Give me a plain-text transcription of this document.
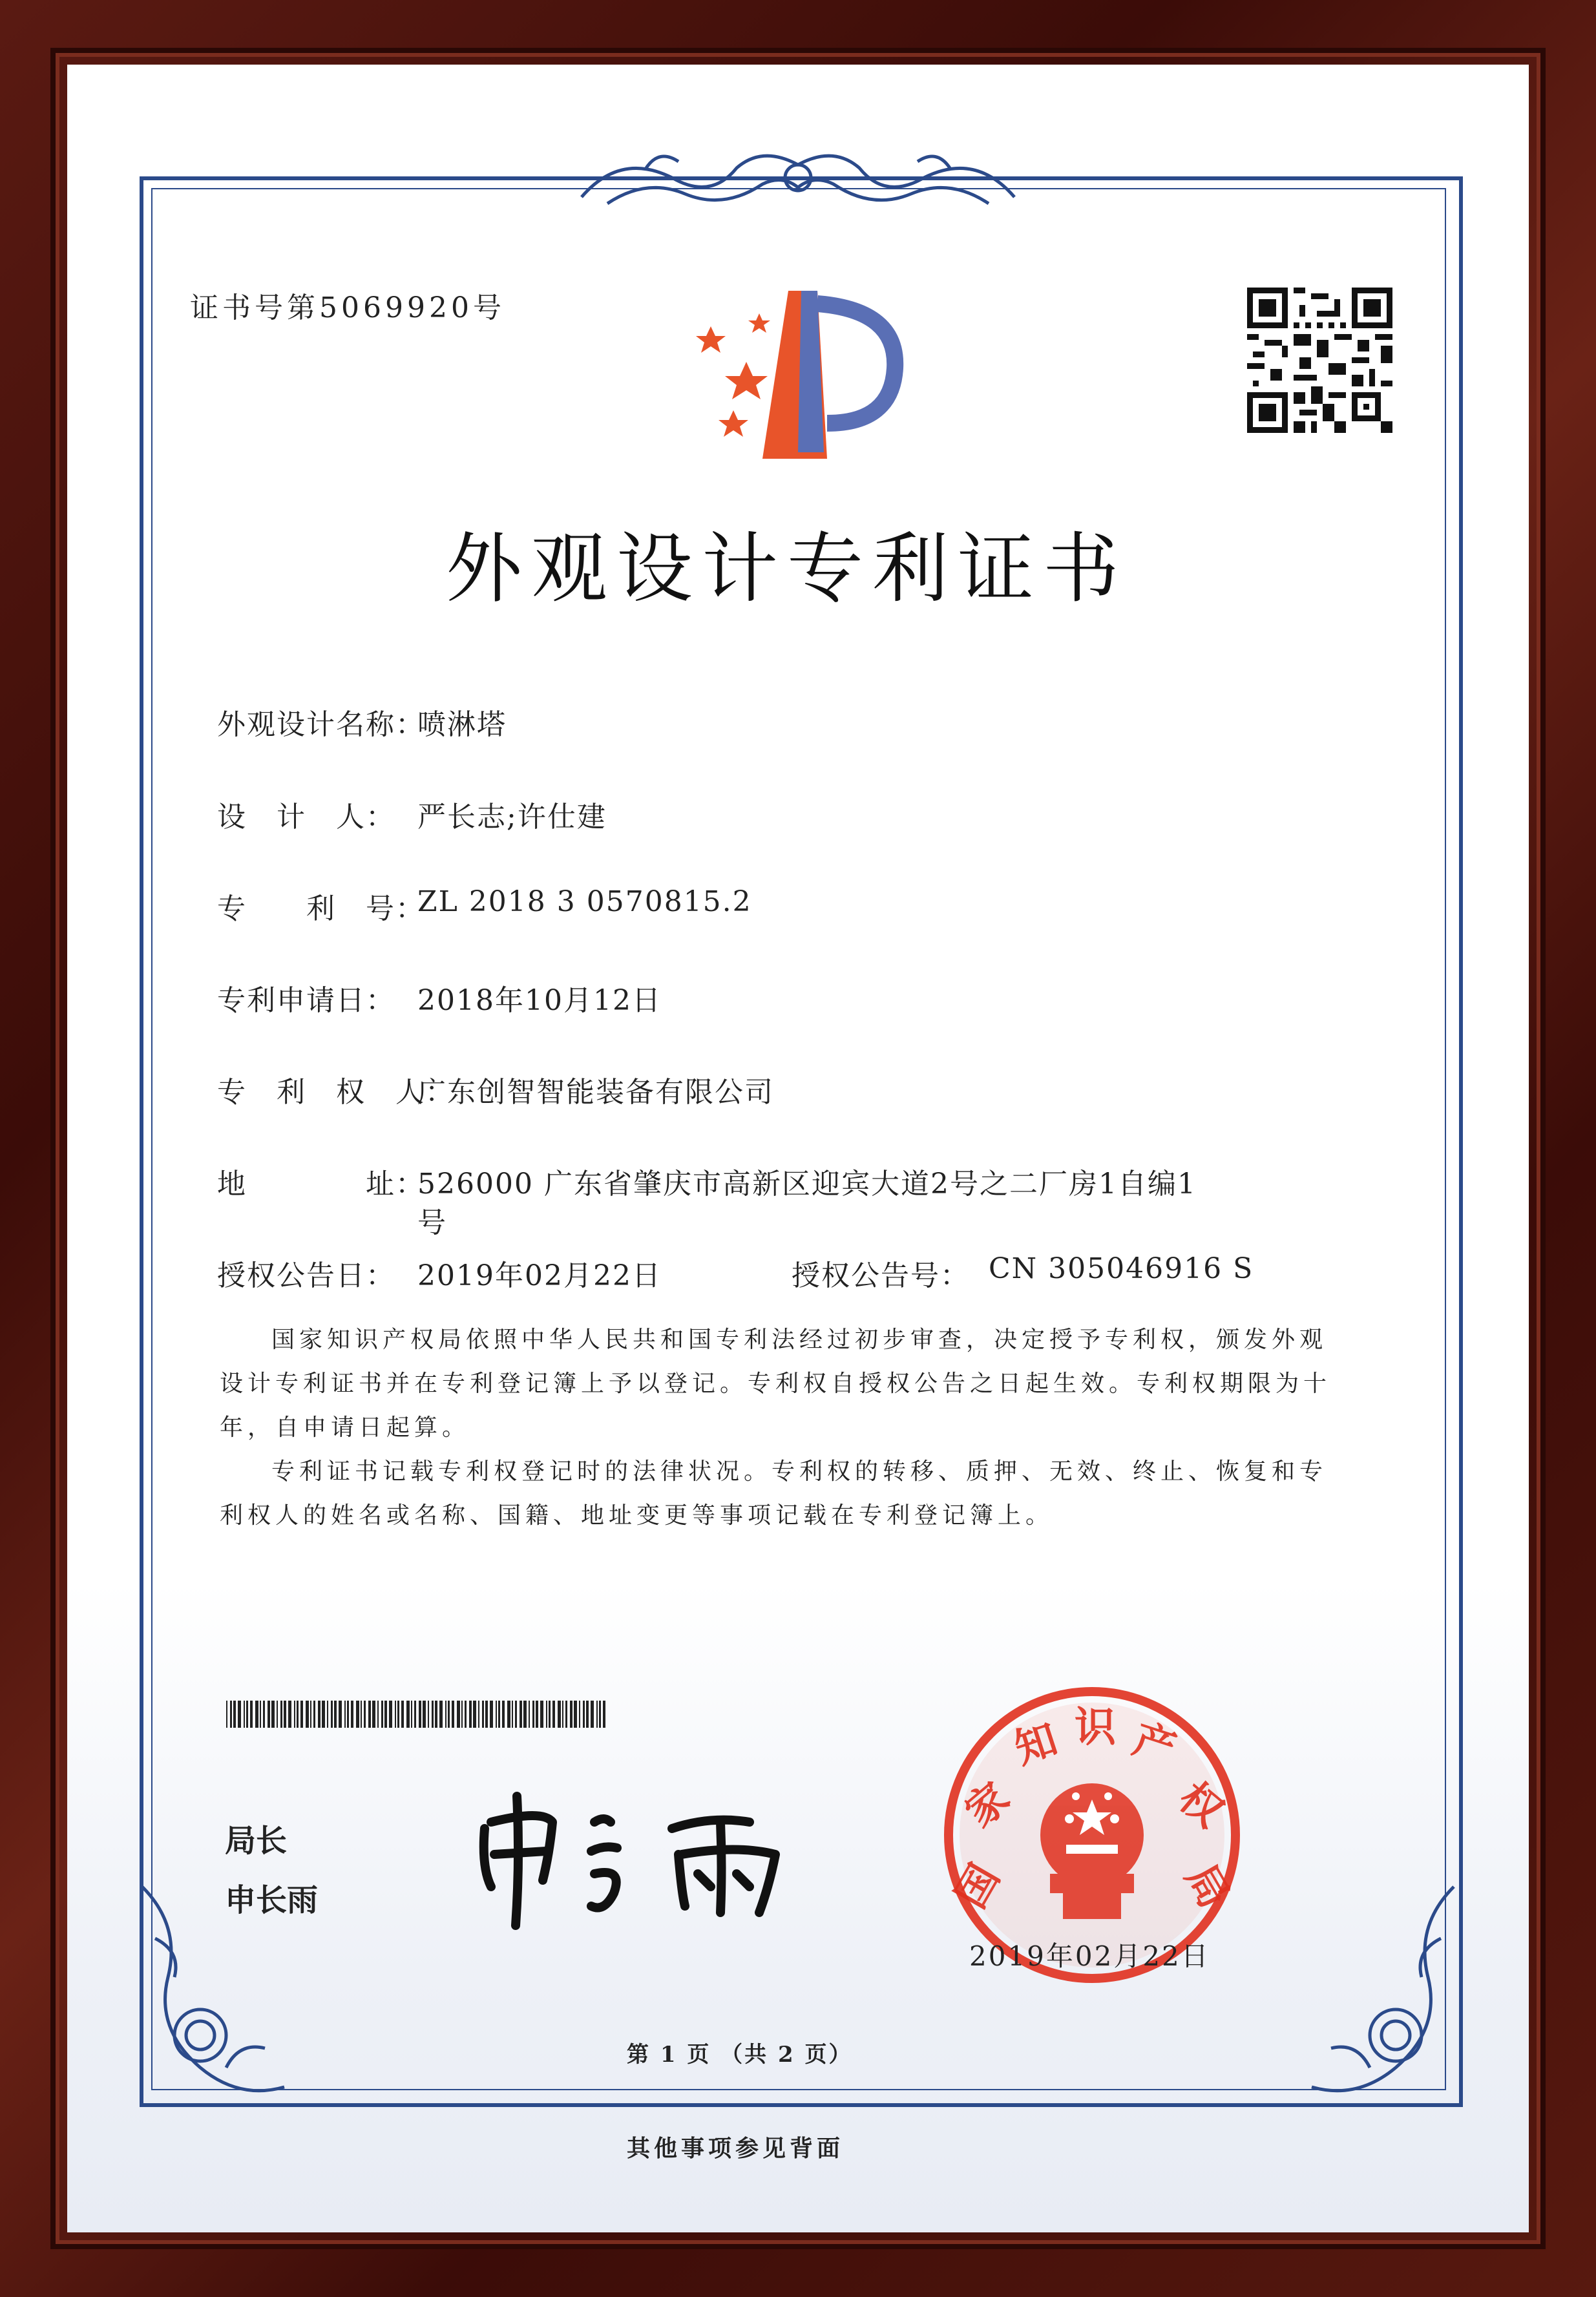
证书号第5069920号
外观设计专利证书
外观设计名称：
喷淋塔
设　计　人： 严长志;许仕建
专　　利　号：
ZL 2018 3 0570815.2
专利申请日： 2018年10月12日
专　利　权　人：
广东创智智能装备有限公司
地　　　　址：
526000 广东省肇庆市高新区迎宾大道2号之二厂房1自编1
号
授权公告日： 2019年02月22日	授权公告号： CN 305046916 S
国家知识产权局依照中华人民共和国专利法经过初步审查，决定授予专利权，颁发外观
设计专利证书并在专利登记簿上予以登记。专利权自授权公告之日起生效。专利权期限为十
年，自申请日起算。
专利证书记载专利权登记时的法律状况。专利权的转移、质押、无效、终止、恢复和专
利权人的姓名或名称、国籍、地址变更等事项记载在专利登记簿上。
局长
申长雨	国
家
知 识 产
权
局
2019年02月22日
第 1 页 （共 2 页）
其他事项参见背面
